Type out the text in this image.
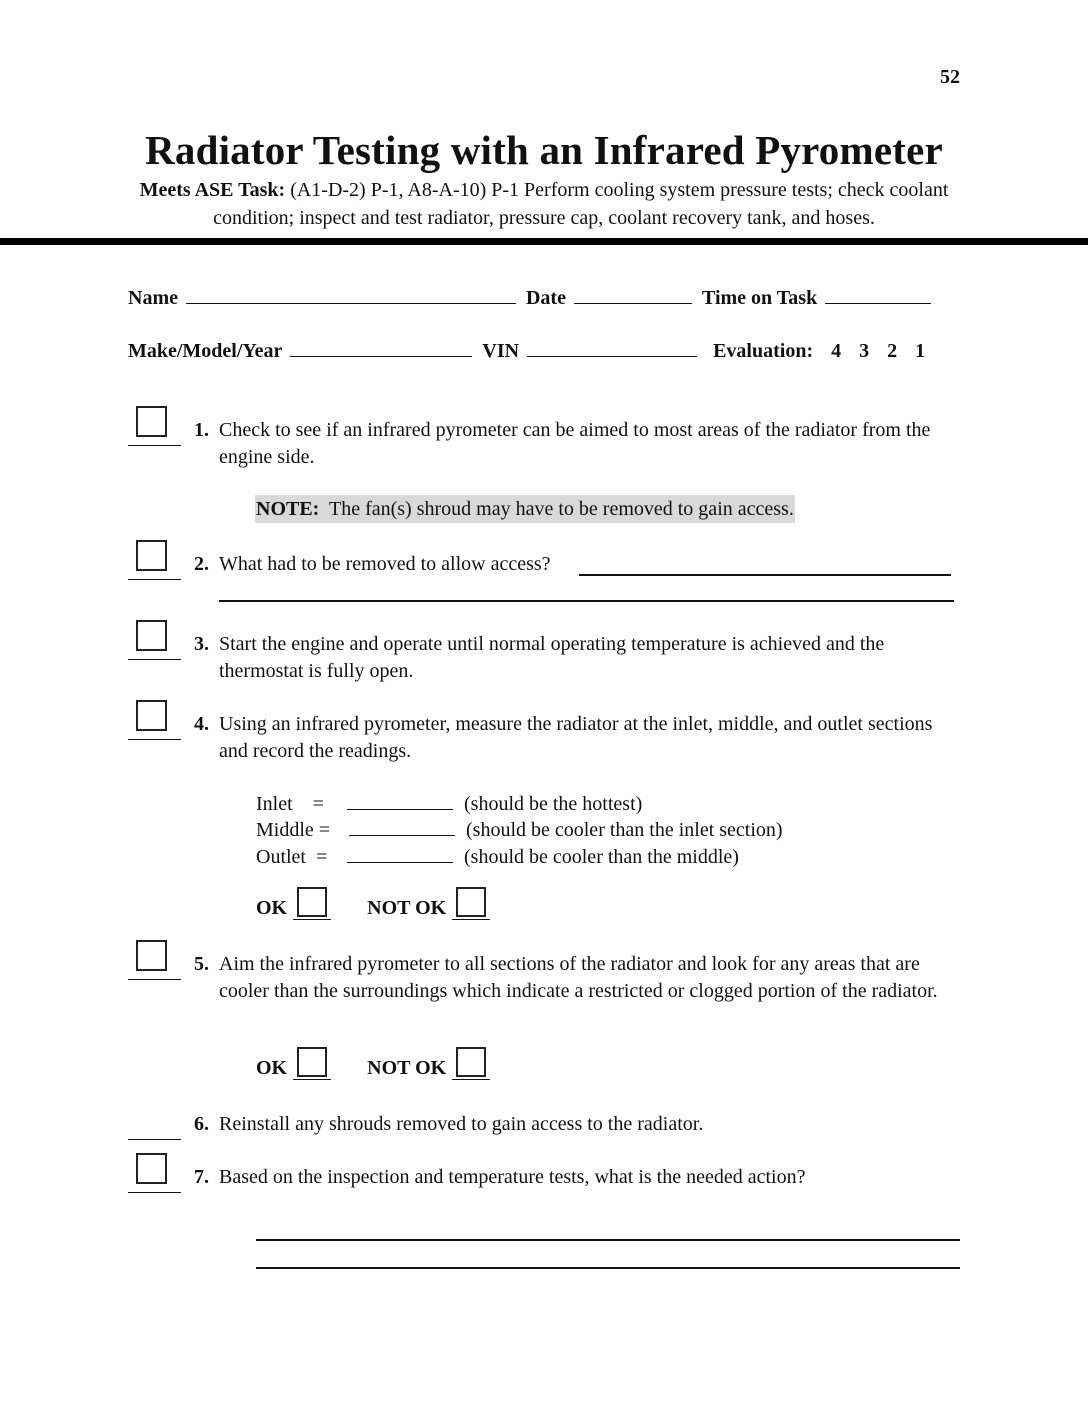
52
Radiator Testing with an Infrared Pyrometer
Meets ASE Task: (A1-D-2) P-1, A8-A-10) P-1 Perform cooling system pressure tests; check coolant condition; inspect and test radiator, pressure cap, coolant recovery tank, and hoses.
Name	Date	Time on Task
Make/Model/Year	VIN	Evaluation: 4 3 2 1
1. Check to see if an infrared pyrometer can be aimed to most areas of the radiator from the engine side.
NOTE: The fan(s) shroud may have to be removed to gain access.
2. What had to be removed to allow access?
3. Start the engine and operate until normal operating temperature is achieved and the thermostat is fully open.
4. Using an infrared pyrometer, measure the radiator at the inlet, middle, and outlet sections and record the readings.
Inlet =	(should be the hottest)
Middle =	(should be cooler than the inlet section)
Outlet =	(should be cooler than the middle)
OK	NOT OK
5. Aim the infrared pyrometer to all sections of the radiator and look for any areas that are cooler than the surroundings which indicate a restricted or clogged portion of the radiator.
OK	NOT OK
6. Reinstall any shrouds removed to gain access to the radiator.
7. Based on the inspection and temperature tests, what is the needed action?
